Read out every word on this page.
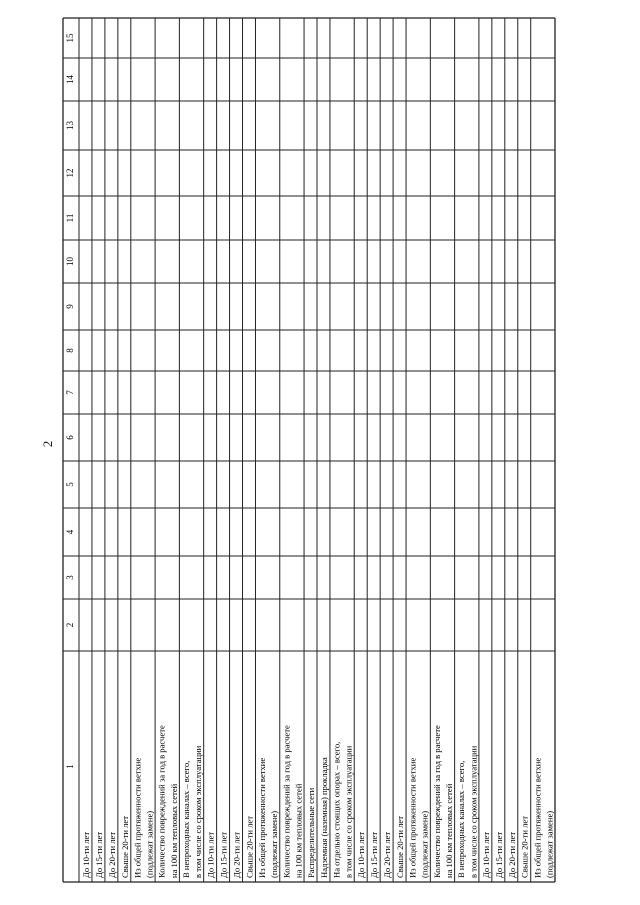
2
1
2
3
4
5
6
7
8
9
10
11
12
13
14
15
До 10-ти лет До 15-ти лет До 20-ти лет Свыше 20-ти лет Из общей протяженности ветхие (подлежат замене) Количество повреждений за год в расчете на 100 км тепловых сетей В непроходных каналах – всего, в том числе со сроком эксплуатации До 10-ти лет До 15-ти лет До 20-ти лет Свыше 20-ти лет Из общей протяженности ветхие (подлежат замене) Количество повреждений за год в расчете на 100 км тепловых сетей Распределительные сети Надземная (наземная) прокладка На отдельно стоящих опорах – всего, в том числе со сроком эксплуатации До 10-ти лет До 15-ти лет До 20-ти лет Свыше 20-ти лет Из общей протяженности ветхие (подлежат замене) Количество повреждений за год в расчете на 100 км тепловых сетей В непроходных каналах – всего, в том числе со сроком эксплуатации До 10-ти лет До 15-ти лет До 20-ти лет Свыше 20-ти лет Из общей протяженности ветхие (подлежат замене)
